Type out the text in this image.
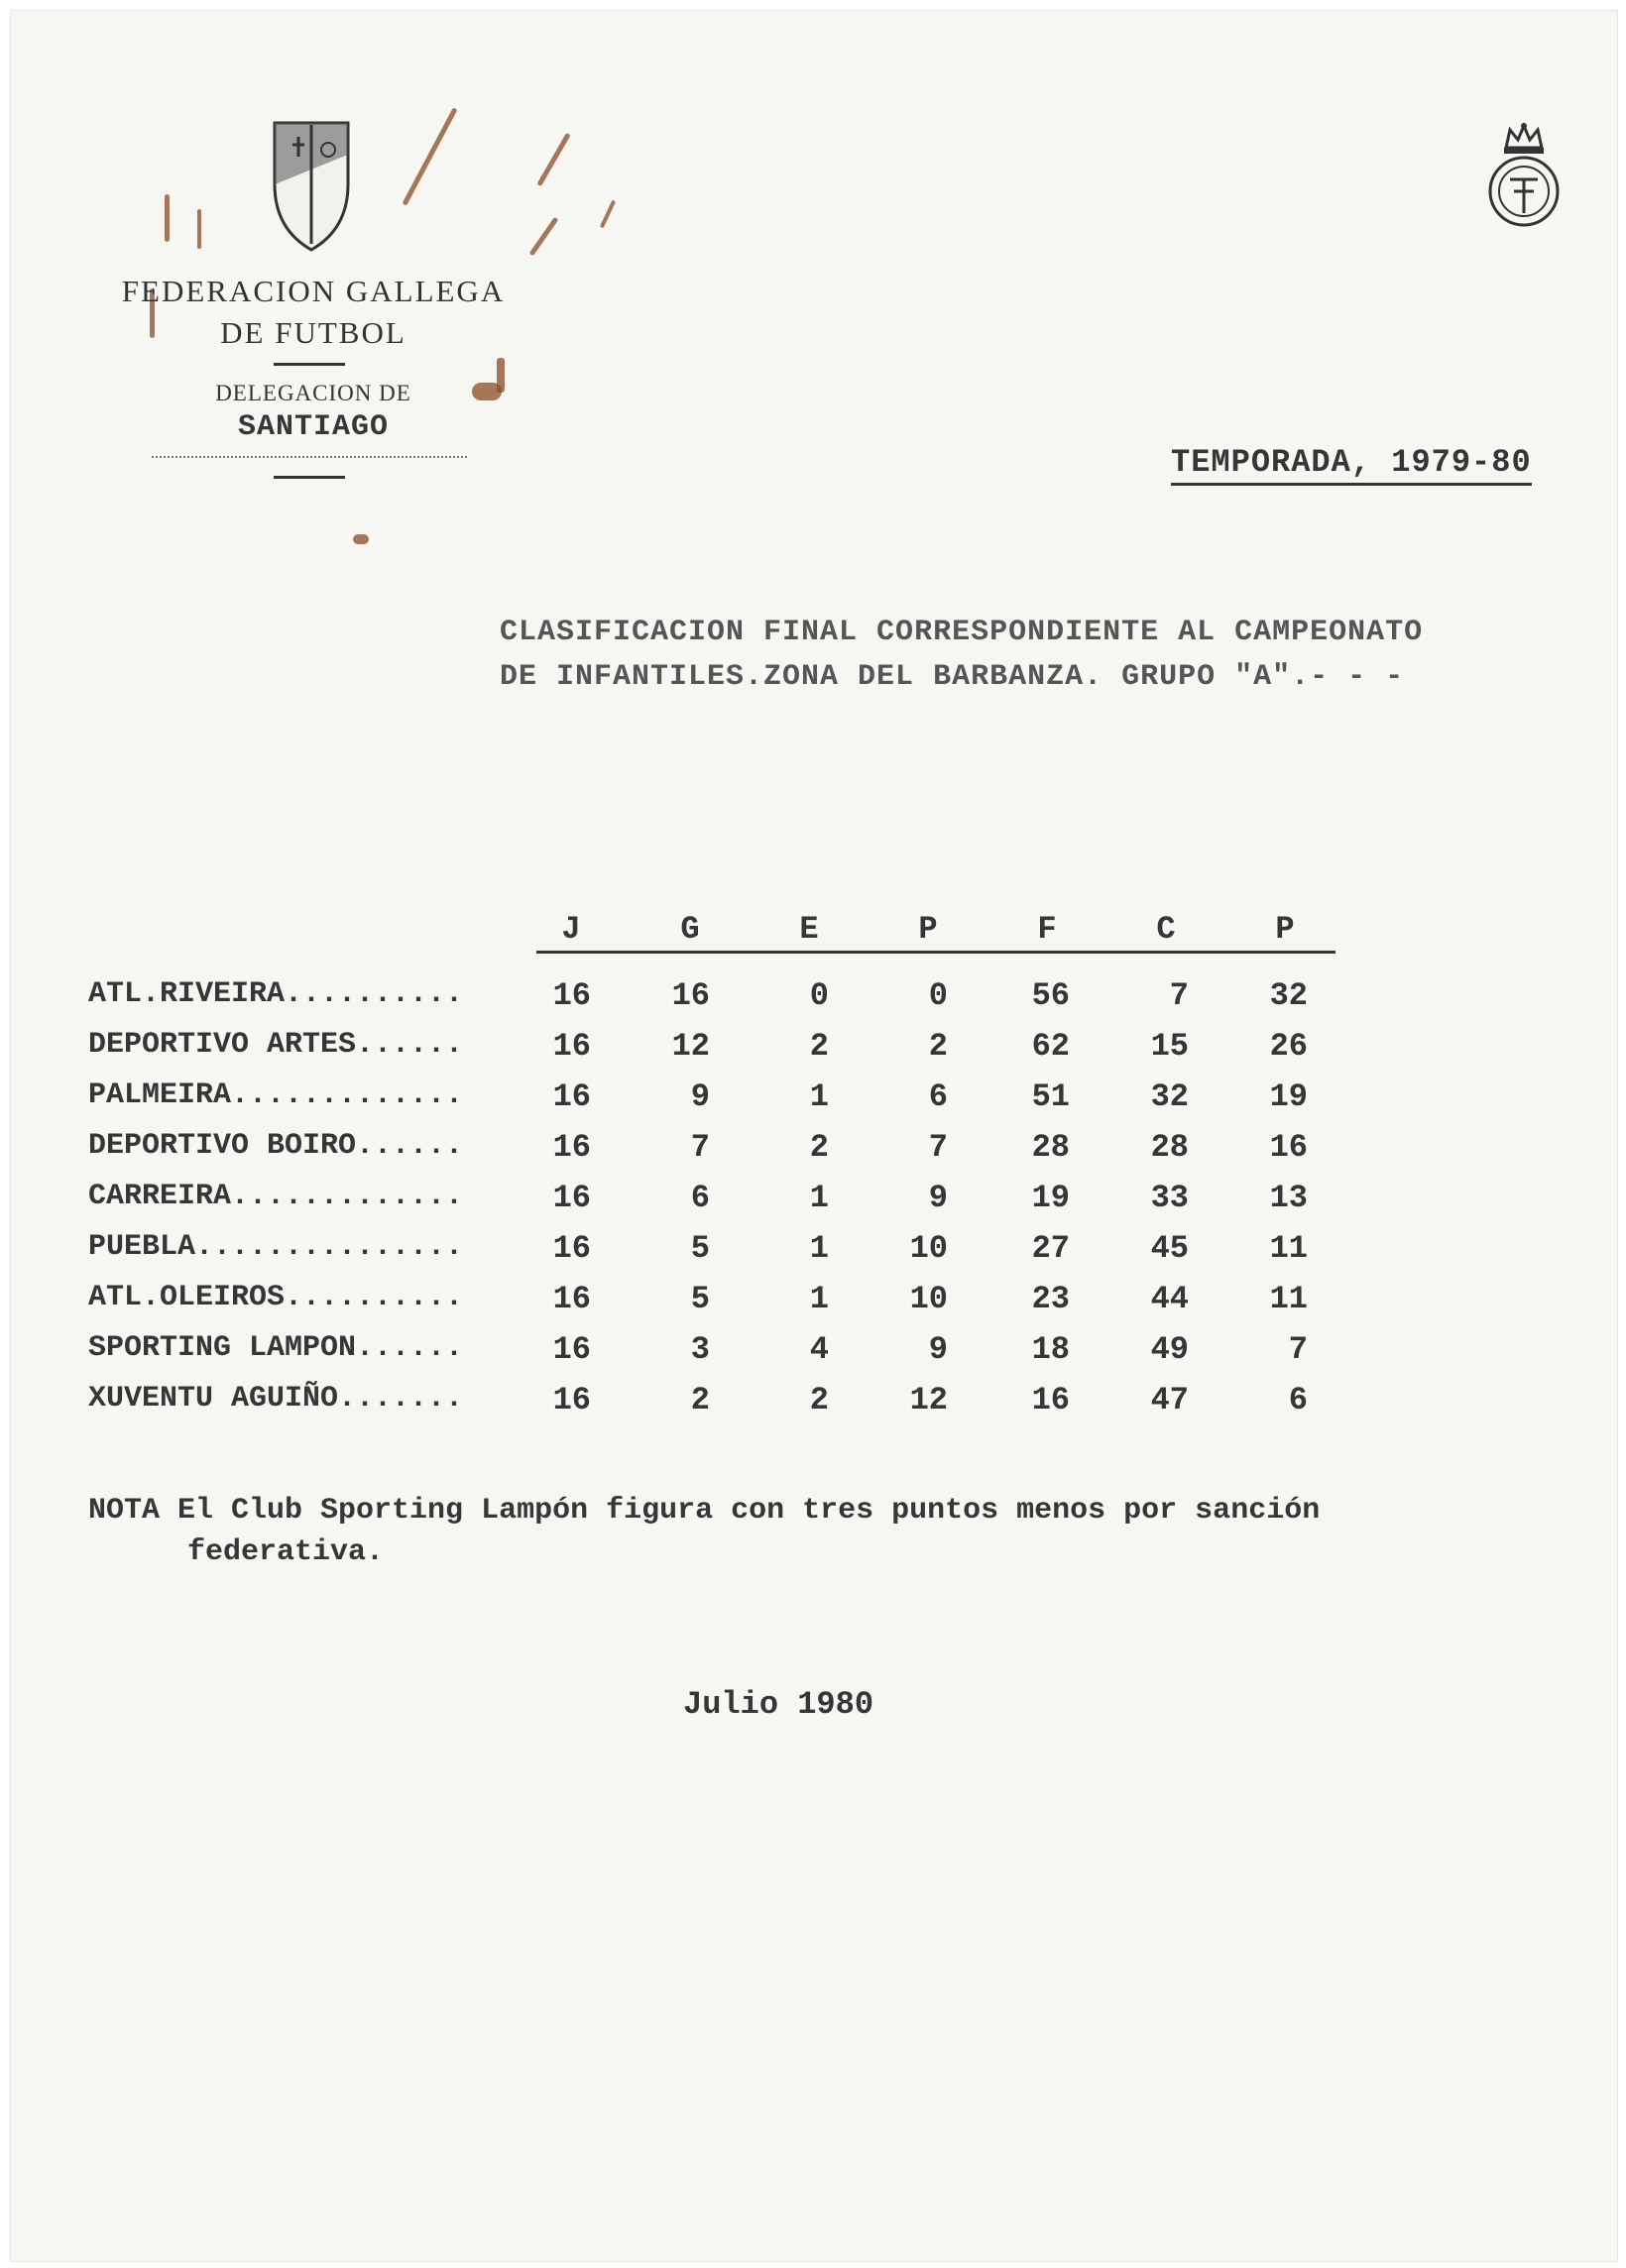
FEDERACION GALLEGA
DE FUTBOL
DELEGACION DE
SANTIAGO
TEMPORADA, 1979-80
CLASIFICACION FINAL CORRESPONDIENTE AL CAMPEONATO
DE INFANTILES.ZONA DEL BARBANZA. GRUPO "A".- - -
J	G	E	P	F	C	P
ATL.RIVEIRA..........	16	16	0	0	56	7	32
DEPORTIVO ARTES......	16	12	2	2	62	15	26
PALMEIRA.............	16	9	1	6	51	32	19
DEPORTIVO BOIRO......	16	7	2	7	28	28	16
CARREIRA.............	16	6	1	9	19	33	13
PUEBLA...............	16	5	1	10	27	45	11
ATL.OLEIROS..........	16	5	1	10	23	44	11
SPORTING LAMPON......	16	3	4	9	18	49	7
XUVENTU AGUIÑO.......	16	2	2	12	16	47	6
NOTA El Club Sporting Lampón figura con tres puntos menos por sanción
federativa.
Julio 1980
